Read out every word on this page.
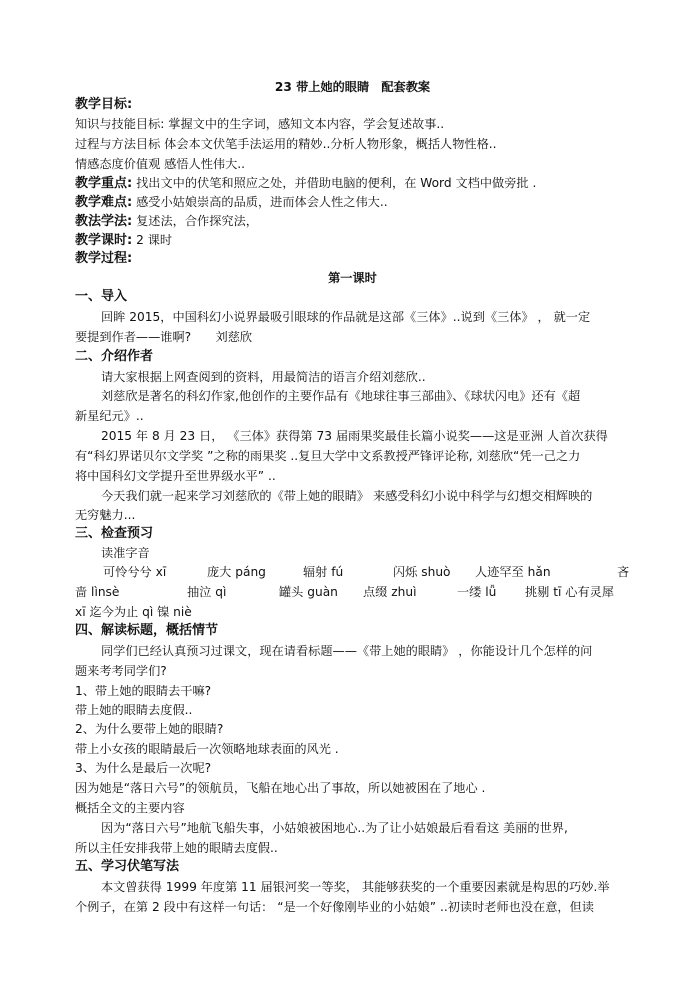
23 带上她的眼睛　配套教案
教学目标:
知识与技能目标: 掌握文中的生字词，感知文本内容，学会复述故事..
过程与方法目标 体会本文伏笔手法运用的精妙..分析人物形象，概括人物性格..
情感态度价值观 感悟人性伟大..
教学重点: 找出文中的伏笔和照应之处，并借助电脑的便利，在 Word 文档中做旁批 .
教学难点: 感受小姑娘崇高的品质，进而体会人性之伟大..
教法学法: 复述法，合作探究法，
教学课时: 2 课时
教学过程:
第一课时
一、导入
回眸 2015，中国科幻小说界最吸引眼球的作品就是这部《三体》..说到《三体》 ， 就一定
要提到作者——谁啊?　　刘慈欣
二、介绍作者
请大家根据上网查阅到的资料，用最简洁的语言介绍刘慈欣..
刘慈欣是著名的科幻作家,他创作的主要作品有《地球往事三部曲》、《球状闪电》还有《超
新星纪元》..
2015 年 8 月 23 日， 《三体》获得第 73 届雨果奖最佳长篇小说奖——这是亚洲 人首次获得
有“科幻界诺贝尔文学奖 ”之称的雨果奖 ..复旦大学中文系教授严锋评论称, 刘慈欣“凭一己之力
将中国科幻文学提升至世界级水平” ..
今天我们就一起来学习刘慈欣的《带上她的眼睛》 来感受科幻小说中科学与幻想交相辉映的
无穷魅力...
三、检查预习
读准字音
可怜兮兮 xī	庞大 páng	辐射 fú	闪烁 shuò 人迹罕至 hǎn	吝
啬 lìnsè	抽泣 qì	罐头 guàn 点缀 zhuì	一缕 lǚ 挑剔 tī 心有灵犀
xī 迄今为止 qì 镍 niè
四、解读标题，概括情节
同学们已经认真预习过课文，现在请看标题——《带上她的眼睛》 ，你能设计几个怎样的问
题来考考同学们?
1、带上她的眼睛去干嘛?
带上她的眼睛去度假..
2、为什么要带上她的眼睛?
带上小女孩的眼睛最后一次领略地球表面的风光 .
3、为什么是最后一次呢?
因为她是“落日六号”的领航员，飞船在地心出了事故，所以她被困在了地心 .
概括全文的主要内容
因为“落日六号”地航飞船失事，小姑娘被困地心..为了让小姑娘最后看看这 美丽的世界,
所以主任安排我带上她的眼睛去度假..
五、学习伏笔写法
本文曾获得 1999 年度第 11 届银河奖一等奖， 其能够获奖的一个重要因素就是构思的巧妙.举
个例子，在第 2 段中有这样一句话： “是一个好像刚毕业的小姑娘” ..初读时老师也没在意，但读
